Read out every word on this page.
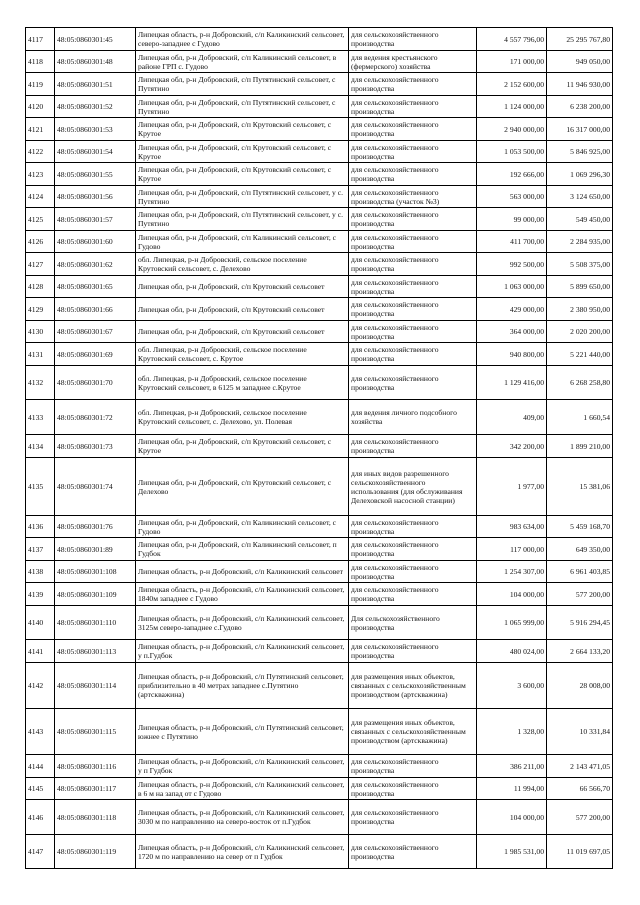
4117	48:05:0860301:45	Липецкая область, р-н Добровский, с/п Каликинский сельсовет, северо-западнее с Гудово	для сельскохозяйственного производства	4 557 796,00	25 295 767,80
4118	48:05:0860301:48	Липецкая обл, р-н Добровский, с/п Каликинский сельсовет, в районе ГРП с. Гудово	для ведения крестьянского (фермерского) хозяйства	171 000,00	949 050,00
4119	48:05:0860301:51	Липецкая обл, р-н Добровский, с/п Путятинский сельсовет, с Путятино	для сельскохозяйственного производства	2 152 600,00	11 946 930,00
4120	48:05:0860301:52	Липецкая обл, р-н Добровский, с/п Путятинский сельсовет, с Путятино	для сельскохозяйственного производства	1 124 000,00	6 238 200,00
4121	48:05:0860301:53	Липецкая обл, р-н Добровский, с/п Крутовский сельсовет, с Крутое	для сельскохозяйственного производства	2 940 000,00	16 317 000,00
4122	48:05:0860301:54	Липецкая обл, р-н Добровский, с/п Крутовский сельсовет, с Крутое	для сельскохозяйственного производства	1 053 500,00	5 846 925,00
4123	48:05:0860301:55	Липецкая обл, р-н Добровский, с/п Крутовский сельсовет, с Крутое	для сельскохозяйственного производства	192 666,00	1 069 296,30
4124	48:05:0860301:56	Липецкая обл, р-н Добровский, с/п Путятинский сельсовет, у с. Путятино	для сельскохозяйственного производства (участок №3)	563 000,00	3 124 650,00
4125	48:05:0860301:57	Липецкая обл, р-н Добровский, с/п Путятинский сельсовет, у с. Путятино	для сельскохозяйственного производства	99 000,00	549 450,00
4126	48:05:0860301:60	Липецкая обл, р-н Добровский, с/п Каликинский сельсовет, с Гудово	для сельскохозяйственного производства	411 700,00	2 284 935,00
4127	48:05:0860301:62	обл. Липецкая, р-н Добровский, сельское поселение Крутовский сельсовет, с. Делехово	для сельскохозяйственного производства	992 500,00	5 508 375,00
4128	48:05:0860301:65	Липецкая обл, р-н Добровский, с/п Крутовский сельсовет	для сельскохозяйственного производства	1 063 000,00	5 899 650,00
4129	48:05:0860301:66	Липецкая обл, р-н Добровский, с/п Крутовский сельсовет	для сельскохозяйственного производства	429 000,00	2 380 950,00
4130	48:05:0860301:67	Липецкая обл, р-н Добровский, с/п Крутовский сельсовет	для сельскохозяйственного производства	364 000,00	2 020 200,00
4131	48:05:0860301:69	обл. Липецкая, р-н Добровский, сельское поселение Крутовский сельсовет, с. Крутое	для сельскохозяйственного производства	940 800,00	5 221 440,00
4132	48:05:0860301:70	обл. Липецкая, р-н Добровский, сельское поселение Крутовский сельсовет, в 6125 м западнее с.Крутое	для сельскохозяйственного производства	1 129 416,00	6 268 258,80
4133	48:05:0860301:72	обл. Липецкая, р-н Добровский, сельское поселение Крутовский сельсовет, с. Делехово, ул. Полевая	для ведения личного подсобного хозяйства	409,00	1 660,54
4134	48:05:0860301:73	Липецкая обл, р-н Добровский, с/п Крутовский сельсовет, с Крутое	для сельскохозяйственного производства	342 200,00	1 899 210,00
4135	48:05:0860301:74	Липецкая обл, р-н Добровский, с/п Крутовский сельсовет, с Делехово	для иных видов разрешенного сельскохозяйственного использования (для обслуживания Делеховской насосной станции)	1 977,00	15 381,06
4136	48:05:0860301:76	Липецкая обл, р-н Добровский, с/п Каликинский сельсовет, с Гудово	для сельскохозяйственного производства	983 634,00	5 459 168,70
4137	48:05:0860301:89	Липецкая обл, р-н Добровский, с/п Каликинский сельсовет, п Гудбок	для сельскохозяйственного производства	117 000,00	649 350,00
4138	48:05:0860301:108	Липецкая область, р-н Добровский, с/п Каликинский сельсовет	для сельскохозяйственного производства	1 254 307,00	6 961 403,85
4139	48:05:0860301:109	Липецкая область, р-н Добровский, с/п Каликинский сельсовет, 1840м западнее с Гудово	для сельскохозяйственного производства	104 000,00	577 200,00
4140	48:05:0860301:110	Липецкая область, р-н Добровский, с/п Каликинский сельсовет, 3125м северо-западнее с.Гудово	Для сельскохозяйственного производства	1 065 999,00	5 916 294,45
4141	48:05:0860301:113	Липецкая область, р-н Добровский, с/п Каликинский сельсовет, у п.Гудбок	для сельскохозяйственного производства	480 024,00	2 664 133,20
4142	48:05:0860301:114	Липецкая область, р-н Добровский, с/п Путятинский сельсовет, приблизительно в 40 метрах западнее с.Путятино (артскважина)	для размещения иных объектов, связанных с сельскохозяйственным производством (артскважина)	3 600,00	28 008,00
4143	48:05:0860301:115	Липецкая область, р-н Добровский, с/п Путятинский сельсовет, южнее с Путятино	для размещения иных объектов, связанных с сельскохозяйственным производством (артскважина)	1 328,00	10 331,84
4144	48:05:0860301:116	Липецкая область, р-н Добровский, с/п Каликинский сельсовет, у п Гудбок	для сельскохозяйственного производства	386 211,00	2 143 471,05
4145	48:05:0860301:117	Липецкая область, р-н Добровский, с/п Каликинский сельсовет, в 6 м на запад от с Гудово	для сельскохозяйственного производства	11 994,00	66 566,70
4146	48:05:0860301:118	Липецкая область, р-н Добровский, с/п Каликинский сельсовет, 3030 м по направлению на северо-восток от п.Гудбок	для сельскохозяйственного производства	104 000,00	577 200,00
4147	48:05:0860301:119	Липецкая область, р-н Добровский, с/п Каликинский сельсовет, 1720 м по направлению на север от п Гудбок	для сельскохозяйственного производства	1 985 531,00	11 019 697,05
